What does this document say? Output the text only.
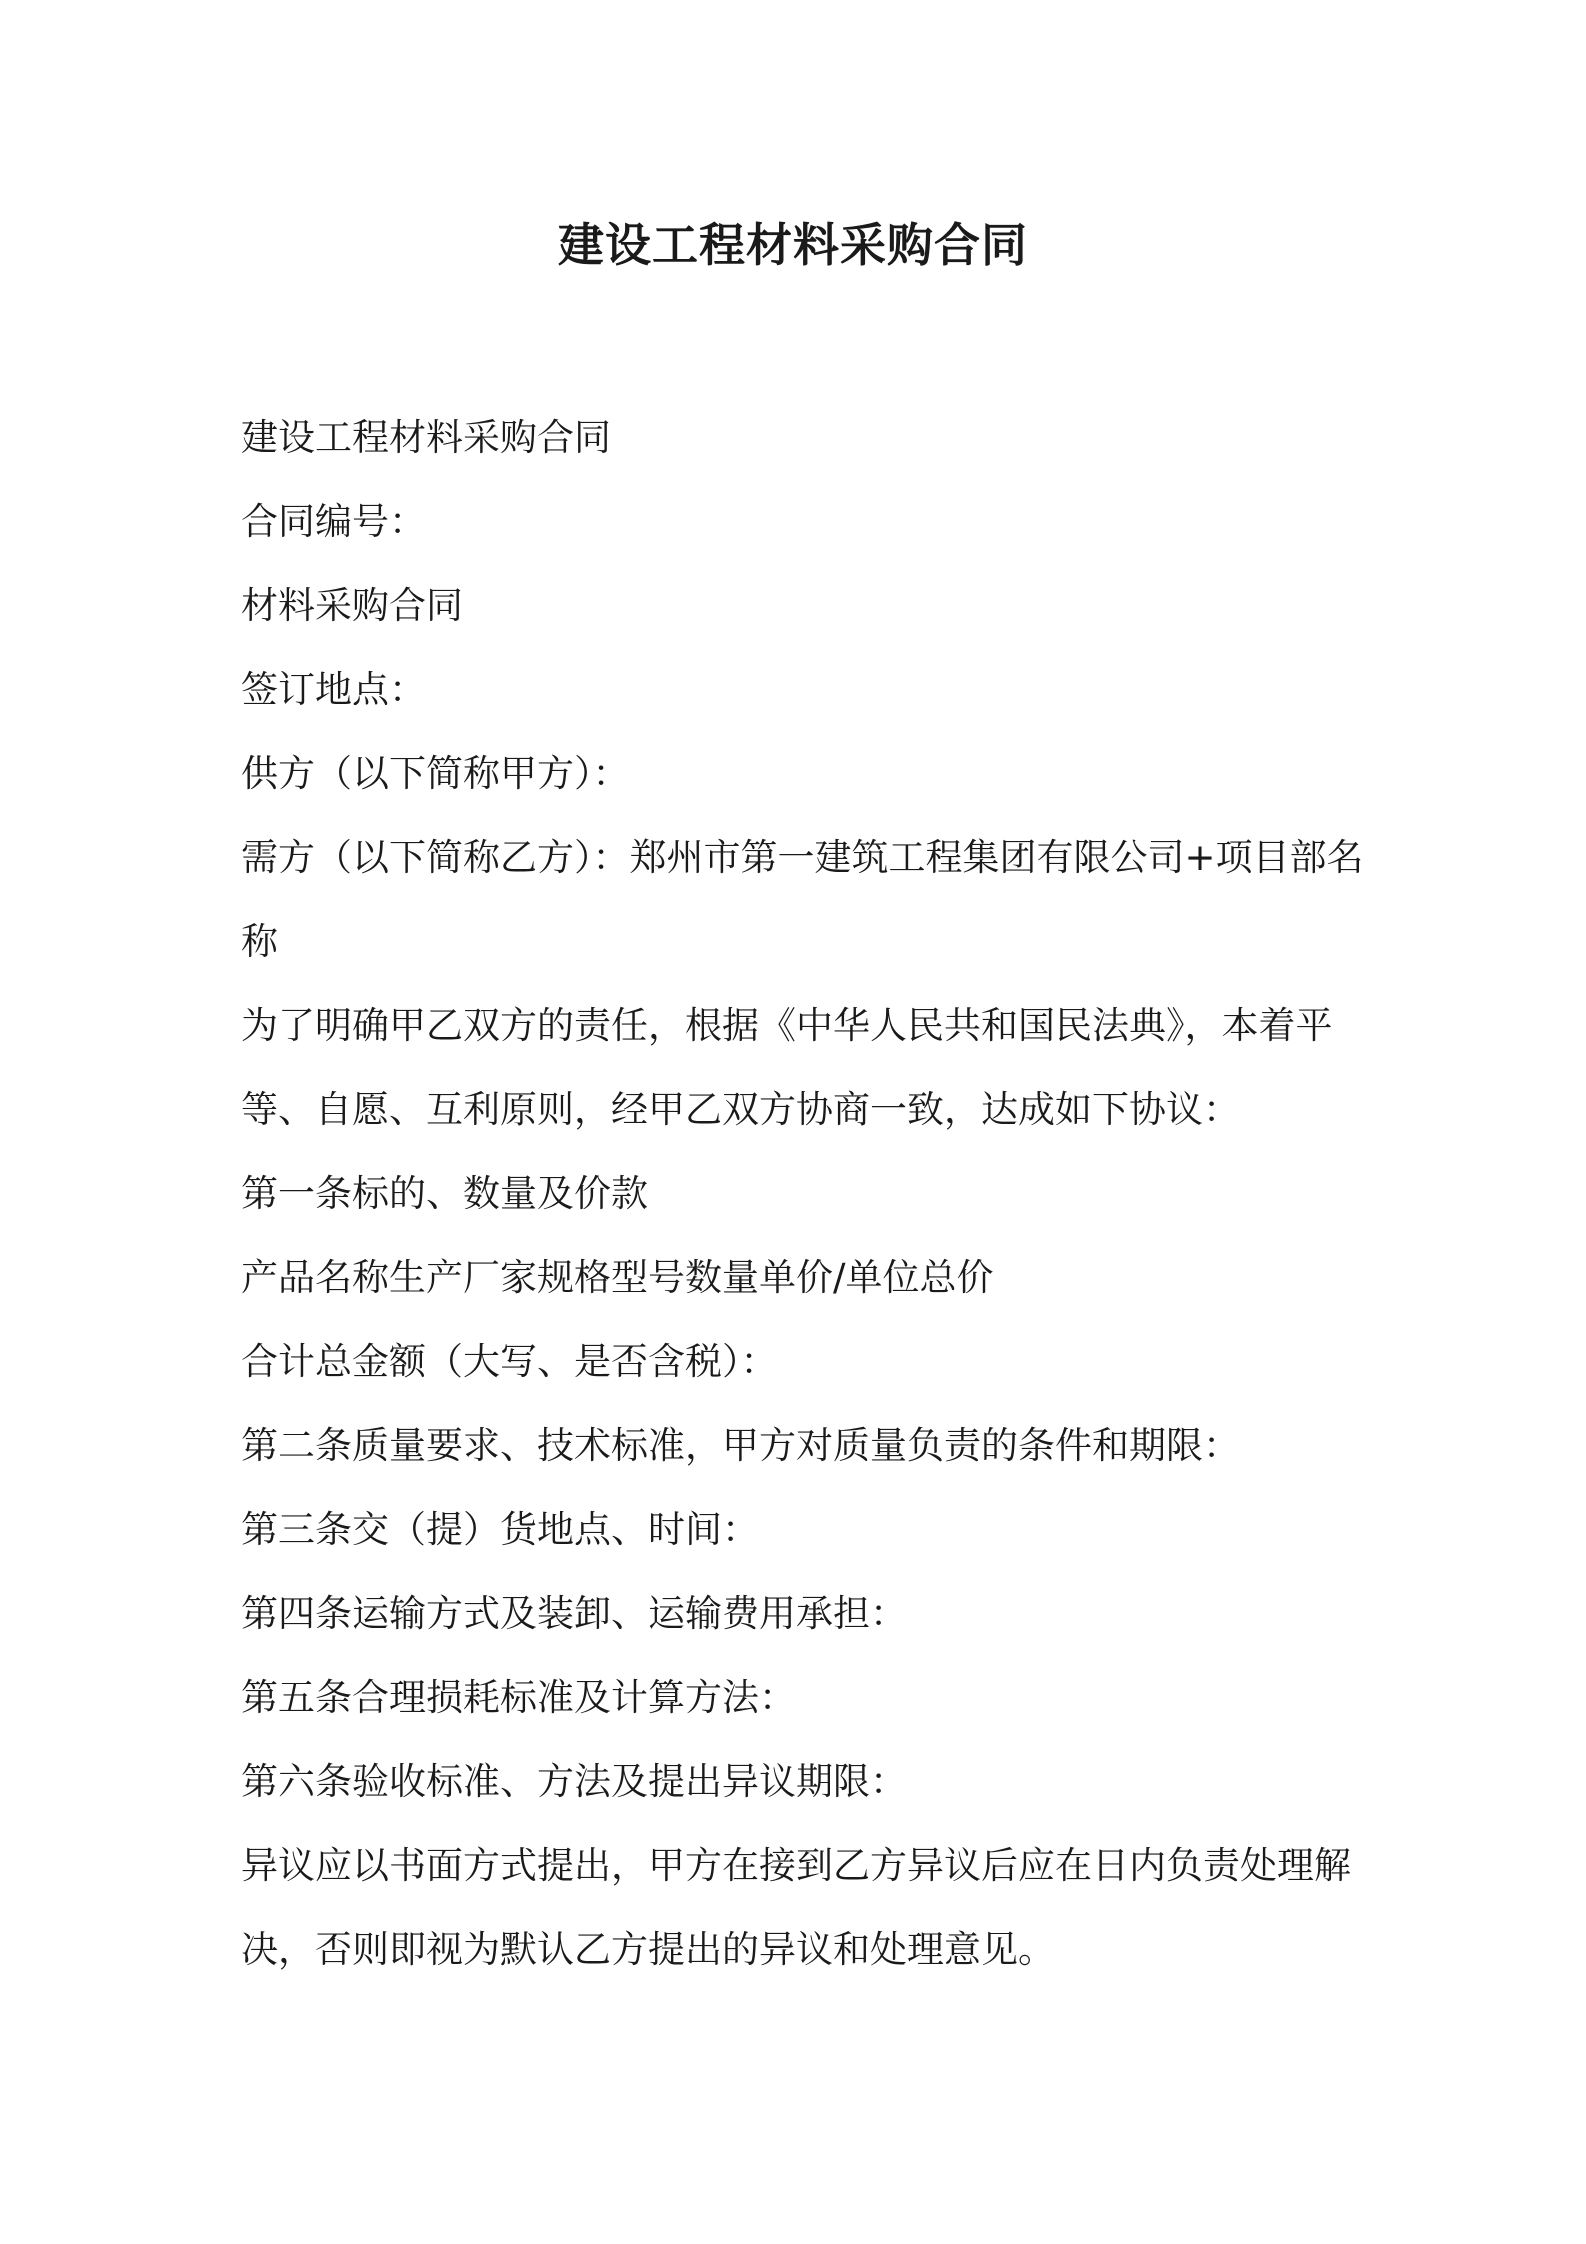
建设工程材料采购合同
建设工程材料采购合同
合同编号：
材料采购合同
签订地点：
供方（以下简称甲方）：
需方（以下简称乙方）：郑州市第一建筑工程集团有限公司+项目部名
称
为了明确甲乙双方的责任，根据《中华人民共和国民法典》，本着平
等、自愿、互利原则，经甲乙双方协商一致，达成如下协议：
第一条标的、数量及价款
产品名称生产厂家规格型号数量单价/单位总价
合计总金额（大写、是否含税）：
第二条质量要求、技术标准，甲方对质量负责的条件和期限：
第三条交（提）货地点、时间：
第四条运输方式及装卸、运输费用承担：
第五条合理损耗标准及计算方法：
第六条验收标准、方法及提出异议期限：
异议应以书面方式提出，甲方在接到乙方异议后应在日内负责处理解
决，否则即视为默认乙方提出的异议和处理意见。
